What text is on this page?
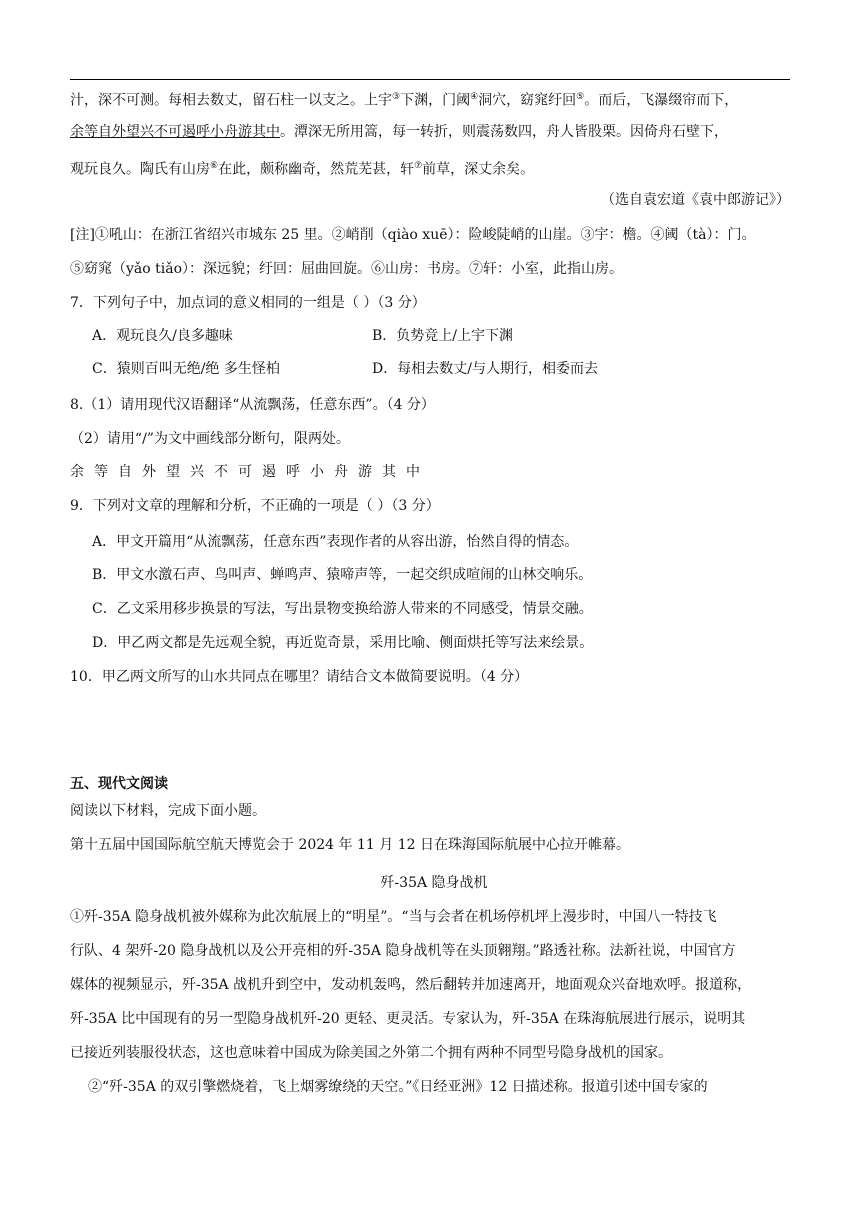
汁，深不可测。每相去数丈，留石柱一以支之。上宇③下渊，门阈④洞穴，窈窕纡回⑤。而后，飞瀑缀帘而下，
余等自外望兴不可遏呼小舟游其中。潭深无所用篙，每一转折，则震荡数四，舟人皆股栗。因倚舟石壁下，
观玩良久。陶氏有山房⑥在此，颇称幽奇，然荒芜甚，轩⑦前草，深丈余矣。
（选自袁宏道《袁中郎游记》）
[注]①吼山：在浙江省绍兴市城东 25 里。②峭削（qiào xuē）：险峻陡峭的山崖。③宇：檐。④阈（tà）：门。
⑤窈窕（yǎo tiǎo）：深远貌；纡回：屈曲回旋。⑥山房：书房。⑦轩：小室，此指山房。
7．下列句子中，加点词的意义相同的一组是（ ）（3 分）
A．观玩良久/良多趣味	B．负势竞上/上宇下渊
C．猿则百叫无绝/绝 多生怪柏	D．每相去数丈/与人期行，相委而去
8.（1）请用现代汉语翻译“从流飘荡，任意东西”。（4 分）
（2）请用“/”为文中画线部分断句，限两处。
余等自外望兴不可遏呼小舟游其中
9．下列对文章的理解和分析，不正确的一项是（ ）（3 分）
A．甲文开篇用“从流飘荡，任意东西”表现作者的从容出游，怡然自得的情态。
B．甲文水激石声、鸟叫声、蝉鸣声、猿啼声等，一起交织成喧闹的山林交响乐。
C．乙文采用移步换景的写法，写出景物变换给游人带来的不同感受，情景交融。
D．甲乙两文都是先远观全貌，再近览奇景，采用比喻、侧面烘托等写法来绘景。
10．甲乙两文所写的山水共同点在哪里？请结合文本做简要说明。（4 分）
五、现代文阅读
阅读以下材料，完成下面小题。
第十五届中国国际航空航天博览会于 2024 年 11 月 12 日在珠海国际航展中心拉开帷幕。
歼-35A 隐身战机
①歼-35A 隐身战机被外媒称为此次航展上的“明星”。“当与会者在机场停机坪上漫步时，中国八一特技飞
行队、4 架歼-20 隐身战机以及公开亮相的歼-35A 隐身战机等在头顶翱翔。”路透社称。法新社说，中国官方
媒体的视频显示，歼-35A 战机升到空中，发动机轰鸣，然后翻转并加速离开，地面观众兴奋地欢呼。报道称，
歼-35A 比中国现有的另一型隐身战机歼-20 更轻、更灵活。专家认为，歼-35A 在珠海航展进行展示，说明其
已接近列装服役状态，这也意味着中国成为除美国之外第二个拥有两种不同型号隐身战机的国家。
②“歼-35A 的双引擎燃烧着，飞上烟雾缭绕的天空。”《日经亚洲》12 日描述称。报道引述中国专家的
